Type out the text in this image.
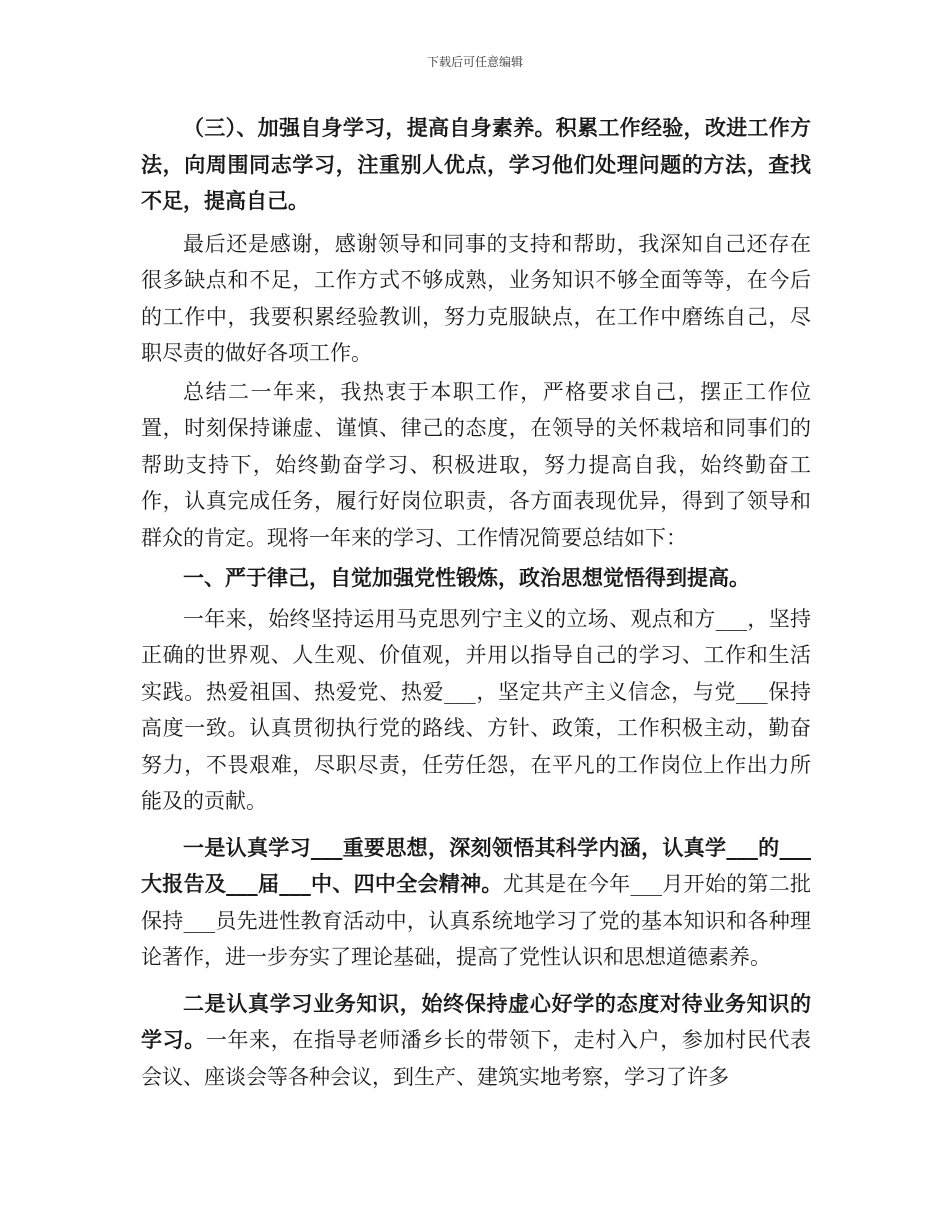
下载后可任意编辑

（三）、加强自身学习，提高自身素养。积累工作经验，改进工作方法，向周围同志学习，注重别人优点，学习他们处理问题的方法，查找不足，提高自己。

最后还是感谢，感谢领导和同事的支持和帮助，我深知自己还存在很多缺点和不足，工作方式不够成熟，业务知识不够全面等等，在今后的工作中，我要积累经验教训，努力克服缺点，在工作中磨练自己，尽职尽责的做好各项工作。

总结二一年来，我热衷于本职工作，严格要求自己，摆正工作位置，时刻保持谦虚、谨慎、律己的态度，在领导的关怀栽培和同事们的帮助支持下，始终勤奋学习、积极进取，努力提高自我，始终勤奋工作，认真完成任务，履行好岗位职责，各方面表现优异，得到了领导和群众的肯定。现将一年来的学习、工作情况简要总结如下：

一、严于律己，自觉加强党性锻炼，政治思想觉悟得到提高。

一年来，始终坚持运用马克思列宁主义的立场、观点和方___，坚持正确的世界观、人生观、价值观，并用以指导自己的学习、工作和生活实践。热爱祖国、热爱党、热爱___，坚定共产主义信念，与党___保持高度一致。认真贯彻执行党的路线、方针、政策，工作积极主动，勤奋努力，不畏艰难，尽职尽责，任劳任怨，在平凡的工作岗位上作出力所能及的贡献。

一是认真学习___重要思想，深刻领悟其科学内涵，认真学___的___大报告及___届___中、四中全会精神。尤其是在今年___月开始的第二批保持___员先进性教育活动中，认真系统地学习了党的基本知识和各种理论著作，进一步夯实了理论基础，提高了党性认识和思想道德素养。

二是认真学习业务知识，始终保持虚心好学的态度对待业务知识的学习。一年来，在指导老师潘乡长的带领下，走村入户，参加村民代表会议、座谈会等各种会议，到生产、建筑实地考察，学习了许多
